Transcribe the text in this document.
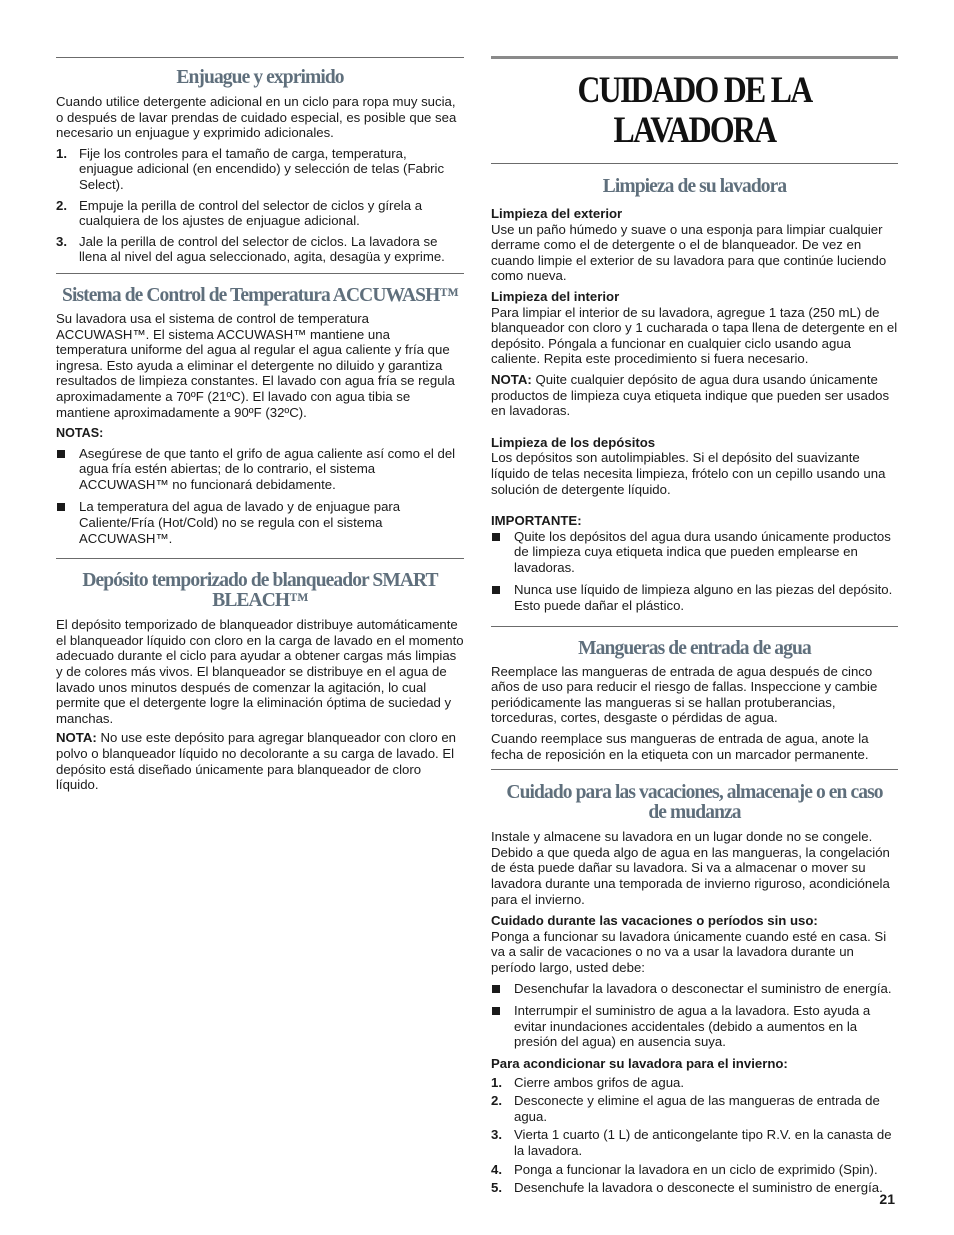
Enjuague y exprimido

Cuando utilice detergente adicional en un ciclo para ropa muy sucia, o después de lavar prendas de cuidado especial, es posible que sea necesario un enjuague y exprimido adicionales.

1. Fije los controles para el tamaño de carga, temperatura, enjuague adicional (en encendido) y selección de telas (Fabric Select).
2. Empuje la perilla de control del selector de ciclos y gírela a cualquiera de los ajustes de enjuague adicional.
3. Jale la perilla de control del selector de ciclos. La lavadora se llena al nivel del agua seleccionado, agita, desagüa y exprime.
Sistema de Control de Temperatura ACCUWASH™

Su lavadora usa el sistema de control de temperatura ACCUWASH™. El sistema ACCUWASH™ mantiene una temperatura uniforme del agua al regular el agua caliente y fría que ingresa. Esto ayuda a eliminar el detergente no diluido y garantiza resultados de limpieza constantes. El lavado con agua fría se regula aproximadamente a 70ºF (21ºC). El lavado con agua tibia se mantiene aproximadamente a 90ºF (32ºC).

NOTAS:

Asegúrese de que tanto el grifo de agua caliente así como el del agua fría estén abiertas; de lo contrario, el sistema ACCUWASH™ no funcionará debidamente.
La temperatura del agua de lavado y de enjuague para Caliente/Fría (Hot/Cold) no se regula con el sistema ACCUWASH™.
Depósito temporizado de blanqueador SMART
BLEACH™

El depósito temporizado de blanqueador distribuye automáticamente el blanqueador líquido con cloro en la carga de lavado en el momento adecuado durante el ciclo para ayudar a obtener cargas más limpias y de colores más vivos. El blanqueador se distribuye en el agua de lavado unos minutos después de comenzar la agitación, lo cual permite que el detergente logre la eliminación óptima de suciedad y manchas.

NOTA: No use este depósito para agregar blanqueador con cloro en polvo o blanqueador líquido no decolorante a su carga de lavado. El depósito está diseñado únicamente para blanqueador de cloro líquido.

CUIDADO DE LA LAVADORA
Limpieza de su lavadora

Limpieza del exterior

Use un paño húmedo y suave o una esponja para limpiar cualquier derrame como el de detergente o el de blanqueador. De vez en cuando limpie el exterior de su lavadora para que continúe luciendo como nueva.

Limpieza del interior

Para limpiar el interior de su lavadora, agregue 1 taza (250 mL) de blanqueador con cloro y 1 cucharada o tapa llena de detergente en el depósito. Póngala a funcionar en cualquier ciclo usando agua caliente. Repita este procedimiento si fuera necesario.

NOTA: Quite cualquier depósito de agua dura usando únicamente productos de limpieza cuya etiqueta indique que pueden ser usados en lavadoras.

Limpieza de los depósitos

Los depósitos son autolimpiables. Si el depósito del suavizante líquido de telas necesita limpieza, frótelo con un cepillo usando una solución de detergente líquido.

IMPORTANTE:

Quite los depósitos del agua dura usando únicamente productos de limpieza cuya etiqueta indica que pueden emplearse en lavadoras.
Nunca use líquido de limpieza alguno en las piezas del depósito. Esto puede dañar el plástico.
Mangueras de entrada de agua

Reemplace las mangueras de entrada de agua después de cinco años de uso para reducir el riesgo de fallas. Inspeccione y cambie periódicamente las mangueras si se hallan protuberancias, torceduras, cortes, desgaste o pérdidas de agua.

Cuando reemplace sus mangueras de entrada de agua, anote la fecha de reposición en la etiqueta con un marcador permanente.

Cuidado para las vacaciones, almacenaje o en caso
de mudanza

Instale y almacene su lavadora en un lugar donde no se congele. Debido a que queda algo de agua en las mangueras, la congelación de ésta puede dañar su lavadora. Si va a almacenar o mover su lavadora durante una temporada de invierno riguroso, acondiciónela para el invierno.

Cuidado durante las vacaciones o períodos sin uso:

Ponga a funcionar su lavadora únicamente cuando esté en casa. Si va a salir de vacaciones o no va a usar la lavadora durante un período largo, usted debe:

Desenchufar la lavadora o desconectar el suministro de energía.
Interrumpir el suministro de agua a la lavadora. Esto ayuda a evitar inundaciones accidentales (debido a aumentos en la presión del agua) en ausencia suya.

Para acondicionar su lavadora para el invierno:

1. Cierre ambos grifos de agua.
2. Desconecte y elimine el agua de las mangueras de entrada de agua.
3. Vierta 1 cuarto (1 L) de anticongelante tipo R.V. en la canasta de la lavadora.
4. Ponga a funcionar la lavadora en un ciclo de exprimido (Spin).
5. Desenchufe la lavadora o desconecte el suministro de energía.
21
